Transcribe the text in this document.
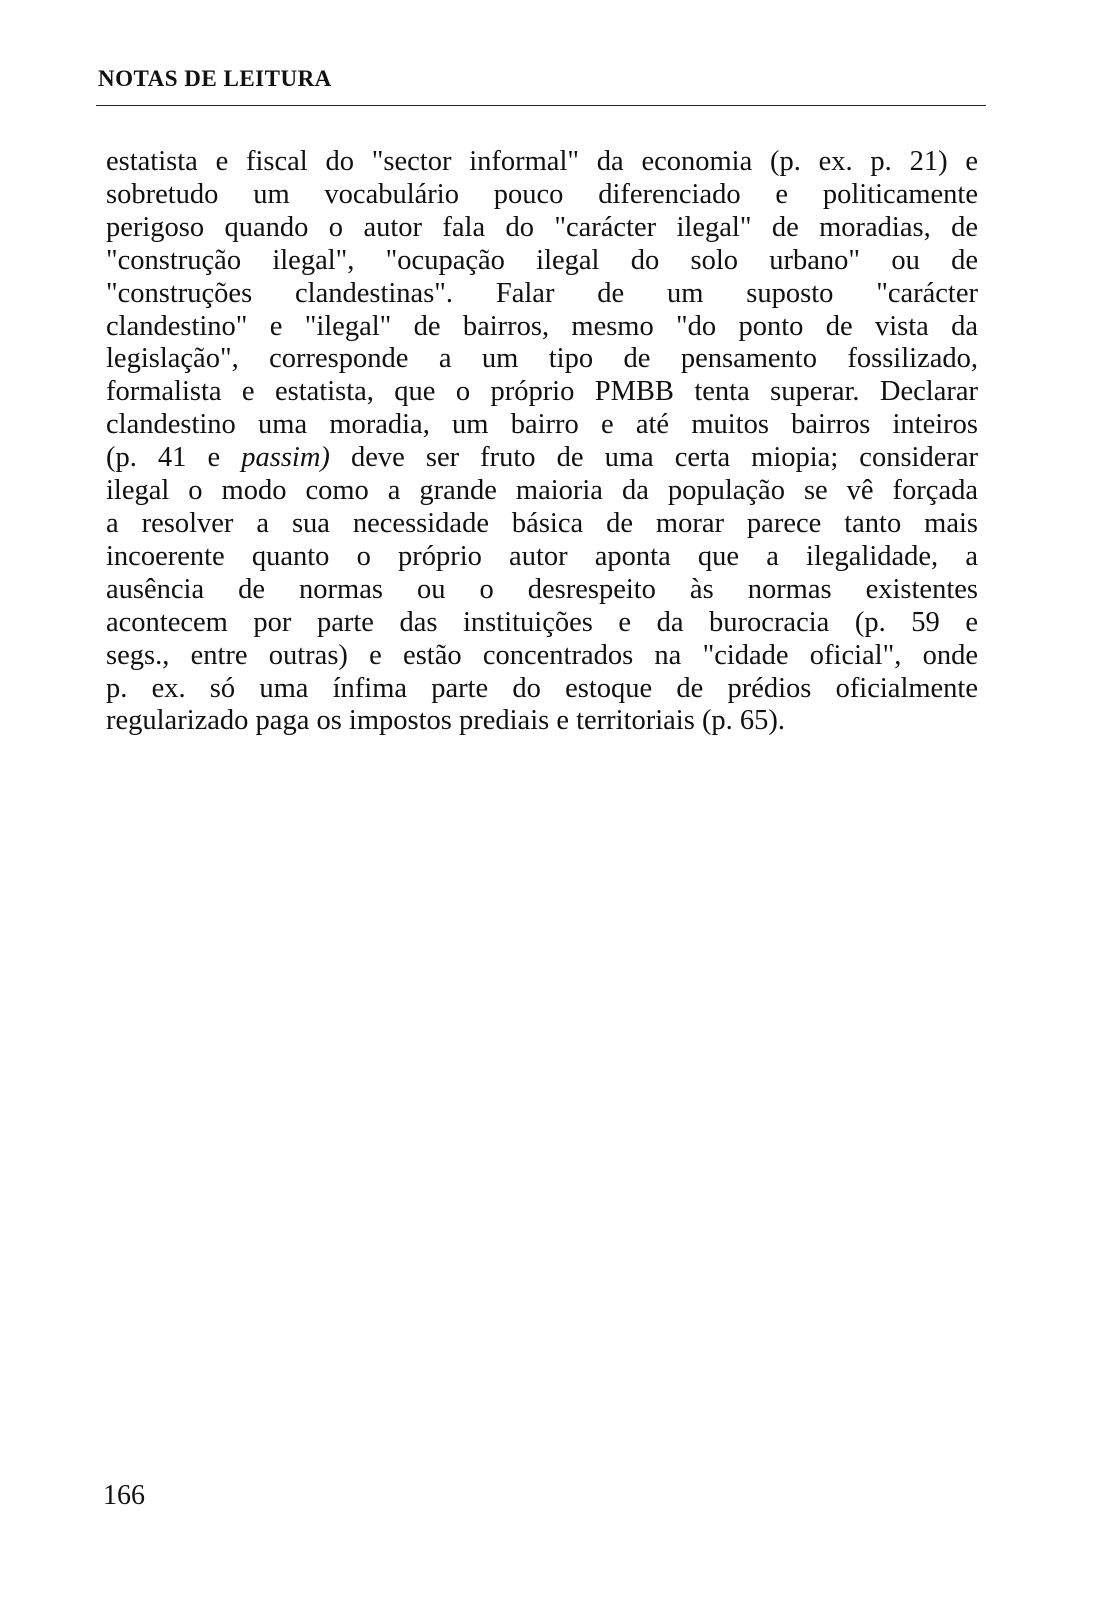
NOTAS DE LEITURA
estatista e fiscal do "sector informal" da economia (p. ex. p. 21) e
sobretudo um vocabulário pouco diferenciado e politicamente
perigoso quando o autor fala do "carácter ilegal" de moradias, de
"construção ilegal", "ocupação ilegal do solo urbano" ou de
"construções clandestinas". Falar de um suposto "carácter
clandestino" e "ilegal" de bairros, mesmo "do ponto de vista da
legislação", corresponde a um tipo de pensamento fossilizado,
formalista e estatista, que o próprio PMBB tenta superar. Declarar
clandestino uma moradia, um bairro e até muitos bairros inteiros
(p. 41 e passim) deve ser fruto de uma certa miopia; considerar
ilegal o modo como a grande maioria da população se vê forçada
a resolver a sua necessidade básica de morar parece tanto mais
incoerente quanto o próprio autor aponta que a ilegalidade, a
ausência de normas ou o desrespeito às normas existentes
acontecem por parte das instituições e da burocracia (p. 59 e
segs., entre outras) e estão concentrados na "cidade oficial", onde
p. ex. só uma ínfima parte do estoque de prédios oficialmente
regularizado paga os impostos prediais e territoriais (p. 65).

166
